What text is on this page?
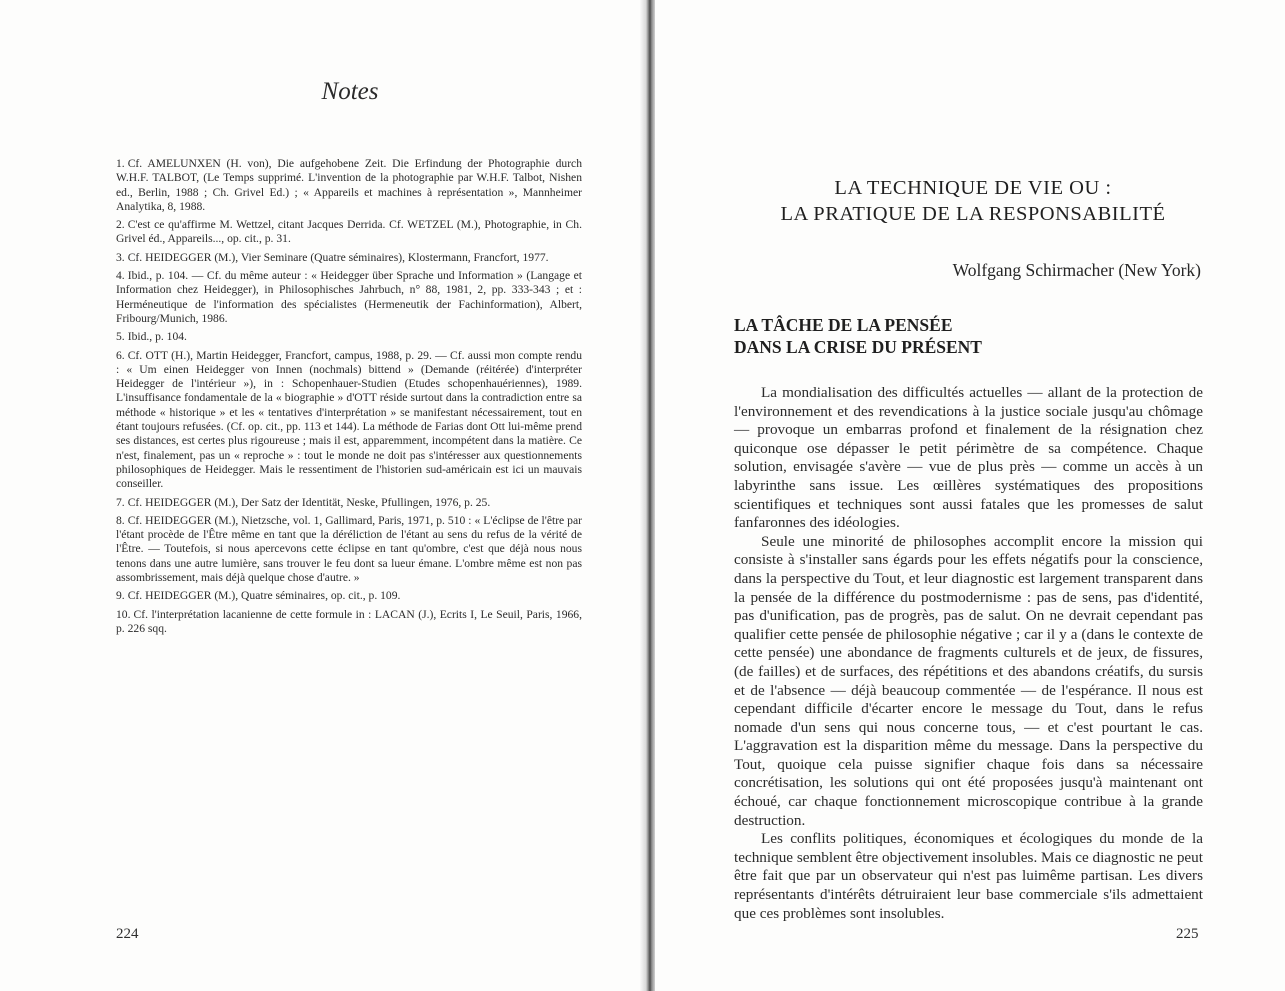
Notes

1. Cf. AMELUNXEN (H. von), Die aufgehobene Zeit. Die Erfindung der Photographie durch W.H.F. TALBOT, (Le Temps supprimé. L'invention de la photographie par W.H.F. Talbot, Nishen ed., Berlin, 1988 ; Ch. Grivel Ed.) ; « Appareils et machines à représentation », Mannheimer Analytika, 8, 1988.

2. C'est ce qu'affirme M. Wettzel, citant Jacques Derrida. Cf. WETZEL (M.), Photographie, in Ch. Grivel éd., Appareils..., op. cit., p. 31.

3. Cf. HEIDEGGER (M.), Vier Seminare (Quatre séminaires), Klostermann, Francfort, 1977.

4. Ibid., p. 104. — Cf. du même auteur : « Heidegger über Sprache und Information » (Langage et Information chez Heidegger), in Philosophisches Jahrbuch, n° 88, 1981, 2, pp. 333-343 ; et : Herméneutique de l'information des spécialistes (Hermeneutik der Fachinformation), Albert, Fribourg/Munich, 1986.

5. Ibid., p. 104.

6. Cf. OTT (H.), Martin Heidegger, Francfort, campus, 1988, p. 29. — Cf. aussi mon compte rendu : « Um einen Heidegger von Innen (nochmals) bittend » (Demande (réitérée) d'interpréter Heidegger de l'intérieur »), in : Schopenhauer-Studien (Etudes schopenhauériennes), 1989. L'insuffisance fondamentale de la « biographie » d'OTT réside surtout dans la contradiction entre sa méthode « historique » et les « tentatives d'interprétation » se manifestant nécessairement, tout en étant toujours refusées. (Cf. op. cit., pp. 113 et 144). La méthode de Farias dont Ott lui-même prend ses distances, est certes plus rigoureuse ; mais il est, apparemment, incompétent dans la matière. Ce n'est, finalement, pas un « reproche » : tout le monde ne doit pas s'intéresser aux questionnements philosophiques de Heidegger. Mais le ressentiment de l'historien sud-américain est ici un mauvais conseiller.

7. Cf. HEIDEGGER (M.), Der Satz der Identität, Neske, Pfullingen, 1976, p. 25.

8. Cf. HEIDEGGER (M.), Nietzsche, vol. 1, Gallimard, Paris, 1971, p. 510 : « L'éclipse de l'être par l'étant procède de l'Être même en tant que la déréliction de l'étant au sens du refus de la vérité de l'Être. — Toutefois, si nous apercevons cette éclipse en tant qu'ombre, c'est que déjà nous nous tenons dans une autre lumière, sans trouver le feu dont sa lueur émane. L'ombre même est non pas assombrissement, mais déjà quelque chose d'autre. »

9. Cf. HEIDEGGER (M.), Quatre séminaires, op. cit., p. 109.

10. Cf. l'interprétation lacanienne de cette formule in : LACAN (J.), Ecrits I, Le Seuil, Paris, 1966, p. 226 sqq.

224
LA TECHNIQUE DE VIE OU :
LA PRATIQUE DE LA RESPONSABILITÉ
Wolfgang Schirmacher (New York)
LA TÂCHE DE LA PENSÉE
DANS LA CRISE DU PRÉSENT

La mondialisation des difficultés actuelles — allant de la protection de l'environnement et des revendications à la justice sociale jusqu'au chômage — provoque un embarras profond et finalement de la résignation chez quiconque ose dépasser le petit périmètre de sa compétence. Chaque solution, envisagée s'avère — vue de plus près — comme un accès à un labyrinthe sans issue. Les œillères systématiques des propositions scientifiques et techniques sont aussi fatales que les promesses de salut fanfaronnes des idéologies.

Seule une minorité de philosophes accomplit encore la mission qui consiste à s'installer sans égards pour les effets négatifs pour la conscience, dans la perspective du Tout, et leur diagnostic est largement transparent dans la pensée de la différence du postmodernisme : pas de sens, pas d'identité, pas d'unification, pas de progrès, pas de salut. On ne devrait cependant pas qualifier cette pensée de philosophie négative ; car il y a (dans le contexte de cette pensée) une abondance de fragments culturels et de jeux, de fissures, (de failles) et de surfaces, des répétitions et des abandons créatifs, du sursis et de l'absence — déjà beaucoup commentée — de l'espérance. Il nous est cependant difficile d'écarter encore le message du Tout, dans le refus nomade d'un sens qui nous concerne tous, — et c'est pourtant le cas. L'aggravation est la disparition même du message. Dans la perspective du Tout, quoique cela puisse signifier chaque fois dans sa nécessaire concrétisation, les solutions qui ont été proposées jusqu'à maintenant ont échoué, car chaque fonctionnement microscopique contribue à la grande destruction.

Les conflits politiques, économiques et écologiques du monde de la technique semblent être objectivement insolubles. Mais ce diagnostic ne peut être fait que par un observateur qui n'est pas luimême partisan. Les divers représentants d'intérêts détruiraient leur base commerciale s'ils admettaient que ces problèmes sont insolubles.

225
